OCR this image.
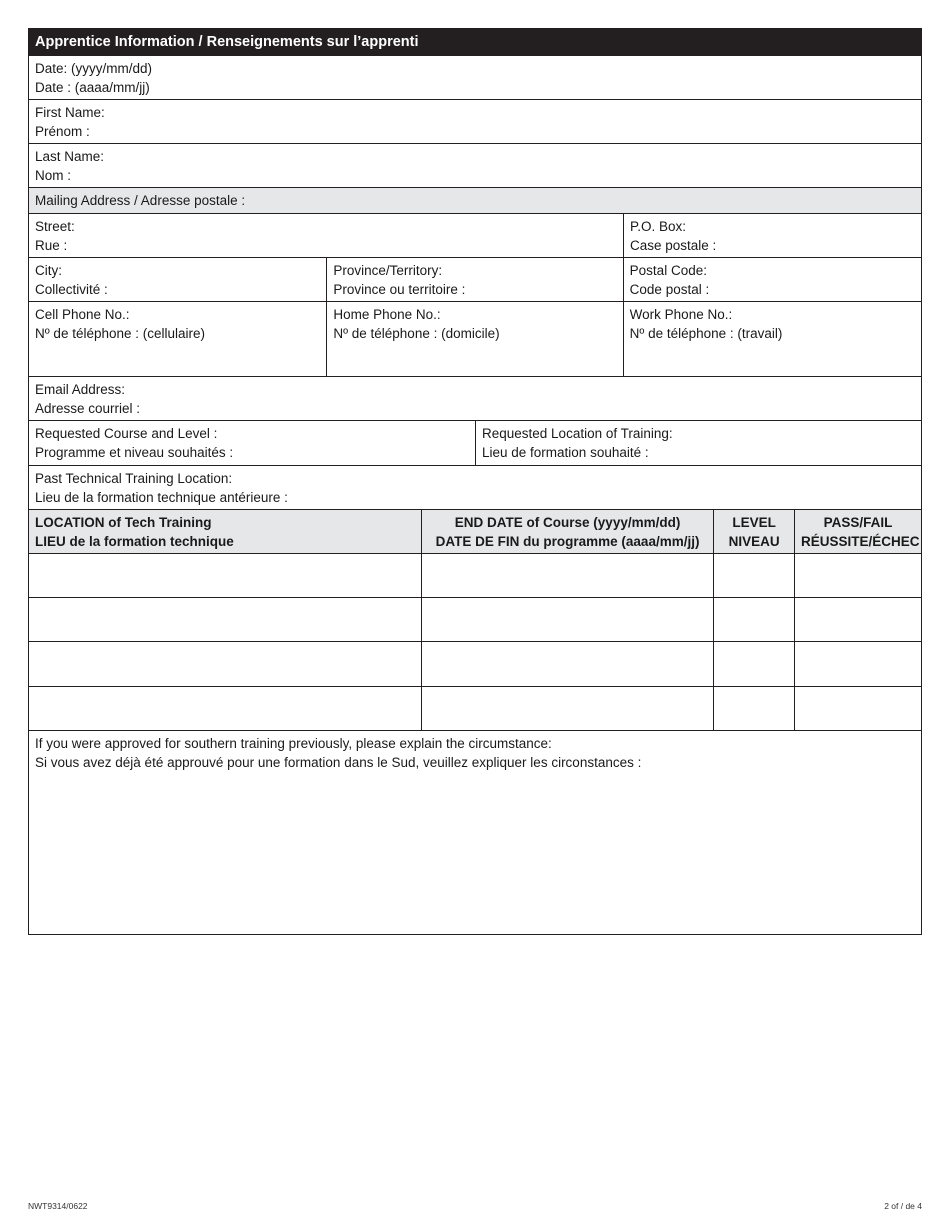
Apprentice Information / Renseignements sur l’apprenti
Date: (yyyy/mm/dd)
Date : (aaaa/mm/jj)
First Name:
Prénom :
Last Name:
Nom :
Mailing Address / Adresse postale :
Street:
Rue :
P.O. Box:
Case postale :
City:
Collectivité :
Province/Territory:
Province ou territoire :
Postal Code:
Code postal :
Cell Phone No.:
Nº de téléphone : (cellulaire)
Home Phone No.:
Nº de téléphone : (domicile)
Work Phone No.:
Nº de téléphone : (travail)
Email Address:
Adresse courriel :
Requested Course and Level :
Programme et niveau souhaités :
Requested Location of Training:
Lieu de formation souhaité :
Past Technical Training Location:
Lieu de la formation technique antérieure :
LOCATION of Tech Training
LIEU de la formation technique
END DATE of Course (yyyy/mm/dd)
DATE DE FIN du programme (aaaa/mm/jj)
LEVEL
NIVEAU
PASS/FAIL
RÉUSSITE/ÉCHEC
If you were approved for southern training previously, please explain the circumstance:
Si vous avez déjà été approuvé pour une formation dans le Sud, veuillez expliquer les circonstances :
NWT9314/0622	2 of / de 4
